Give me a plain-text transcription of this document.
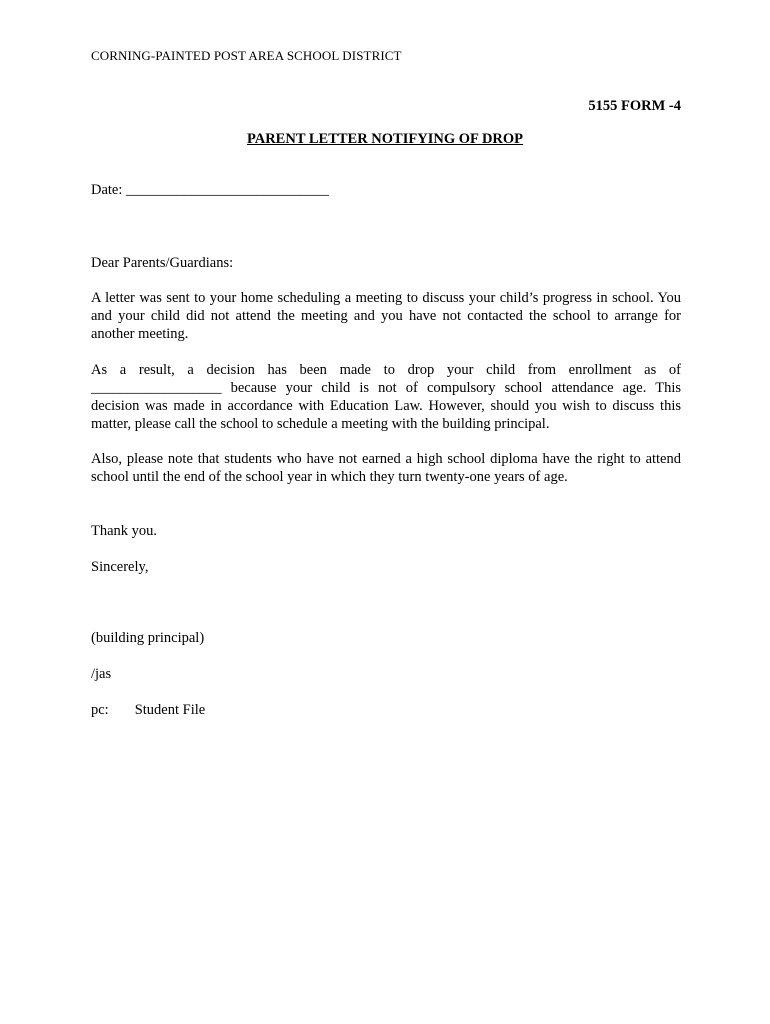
CORNING-PAINTED POST AREA SCHOOL DISTRICT
5155 FORM -4
PARENT LETTER NOTIFYING OF DROP
Date: ____________________________
Dear Parents/Guardians:
A letter was sent to your home scheduling a meeting to discuss your child’s progress in school. You and your child did not attend the meeting and you have not contacted the school to arrange for another meeting.
As a result, a decision has been made to drop your child from enrollment as of
__________________ because your child is not of compulsory school attendance age. This
decision was made in accordance with Education Law. However, should you wish to discuss this matter, please call the school to schedule a meeting with the building principal.
Also, please note that students who have not earned a high school diploma have the right to attend school until the end of the school year in which they turn twenty-one years of age.
Thank you.
Sincerely,
(building principal)
/jas
pc: Student File
